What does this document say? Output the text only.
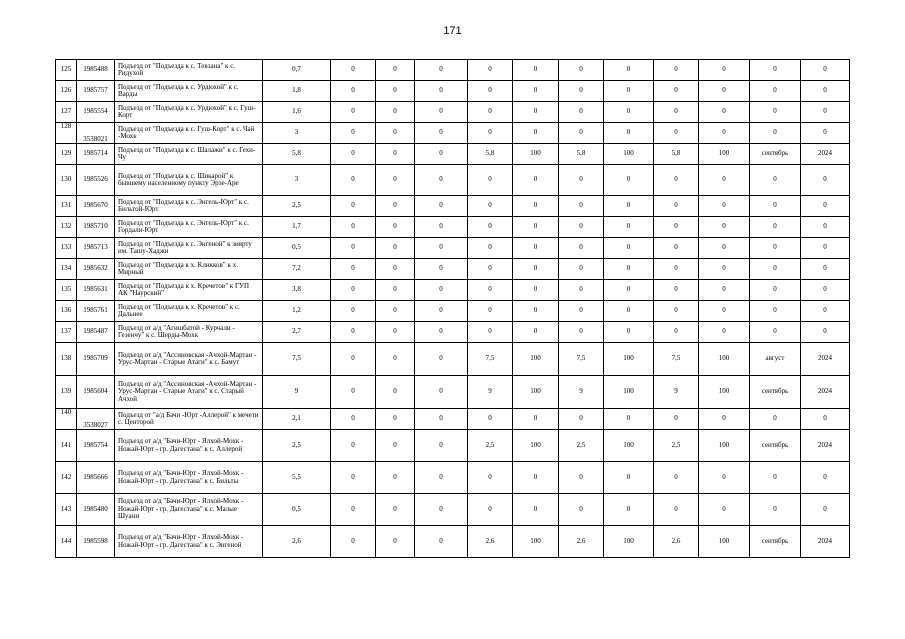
171
125	1985488	Подъезд от "Подъезда к с. Тевзана" к с. Ридухой	0,7	0	0	0	0	0	0	0	0	0	0	0
126	1985757	Подъезд от "Подъезда к с. Урдюхой" к с. Варды	1,8	0	0	0	0	0	0	0	0	0	0	0
127	1985554	Подъезд от "Подъезда к с. Урдюхой" к с. Гуш-Корт	1,6	0	0	0	0	0	0	0	0	0	0	0
128	3538021	Подъезд от "Подъезда к с. Гуш-Корт" к с. Чай -Мохк	3	0	0	0	0	0	0	0	0	0	0	0
129	1985714	Подъезд от "Подъезда к с. Шалажи" к с. Гехи-Чу	5,8	0	0	0	5,8	100	5,8	100	5,8	100	сентябрь	2024
130	1985526	Подъезд от "Подъезда к с. Шикарой" к бывшему населенному пункту Эрзе-Аре	3	0	0	0	0	0	0	0	0	0	0	0
131	1985670	Подъезд от "Подъезда к с. Энгель-Юрт" к с. Бильтой-Юрт	2,5	0	0	0	0	0	0	0	0	0	0	0
132	1985710	Подъезд от "Подъезда к с. Энгель-Юрт" к с. Гордали-Юрт	1,7	0	0	0	0	0	0	0	0	0	0	0
133	1985713	Подъезд от "Подъезда к с. Энгеной" к зиярту им. Ташу-Хаджи	0,5	0	0	0	0	0	0	0	0	0	0	0
134	1985632	Подъезд от "Подъезда к х. Кликков" к х. Мирный	7,2	0	0	0	0	0	0	0	0	0	0	0
135	1985631	Подъезд от "Подъезда к х. Кречетов" к ГУП АК "Наурский"	3,8	0	0	0	0	0	0	0	0	0	0	0
136	1985761	Подъезд от "Подъезда к х. Кречетов" к с. Дальнее	1,2	0	0	0	0	0	0	0	0	0	0	0
137	1985487	Подъезд от а/д "Агишбатой - Курчали - Гезенчу" к с. Шерды-Мохк	2,7	0	0	0	0	0	0	0	0	0	0	0
138	1985709	Подъезд от а/д "Ассиновская -Ачхой-Мартан - Урус-Мартан - Старые Атаги" к с. Бамут	7,5	0	0	0	7,5	100	7,5	100	7,5	100	август	2024
139	1985604	Подъезд от а/д "Ассиновская -Ачхой-Мартан - Урус-Мартан - Старые Атаги" к с. Старый Ачхой	9	0	0	0	9	100	9	100	9	100	сентябрь	2024
140	3538027	Подъезд от "а/д Бачи -Юрт -Аллерой" к мечети с. Центорой	2,1	0	0	0	0	0	0	0	0	0	0	0
141	1985754	Подъезд от а/д "Бачи-Юрт - Ялхой-Мохк - Ножай-Юрт - гр. Дагестана" к с. Аллерой	2,5	0	0	0	2,5	100	2,5	100	2,5	100	сентябрь	2024
142	1985666	Подъезд от а/д "Бачи-Юрт - Ялхой-Мохк - Ножай-Юрт - гр. Дагестана" к с. Бильты	5,5	0	0	0	0	0	0	0	0	0	0	0
143	1985480	Подъезд от а/д "Бачи-Юрт - Ялхой-Мохк - Ножай-Юрт - гр. Дагестана" к с. Малые Шуани	0,5	0	0	0	0	0	0	0	0	0	0	0
144	1985598	Подъезд от а/д "Бачи-Юрт - Ялхой-Мохк - Ножай-Юрт - гр. Дагестана" к с. Энгеной	2,6	0	0	0	2,6	100	2,6	100	2,6	100	сентябрь	2024
